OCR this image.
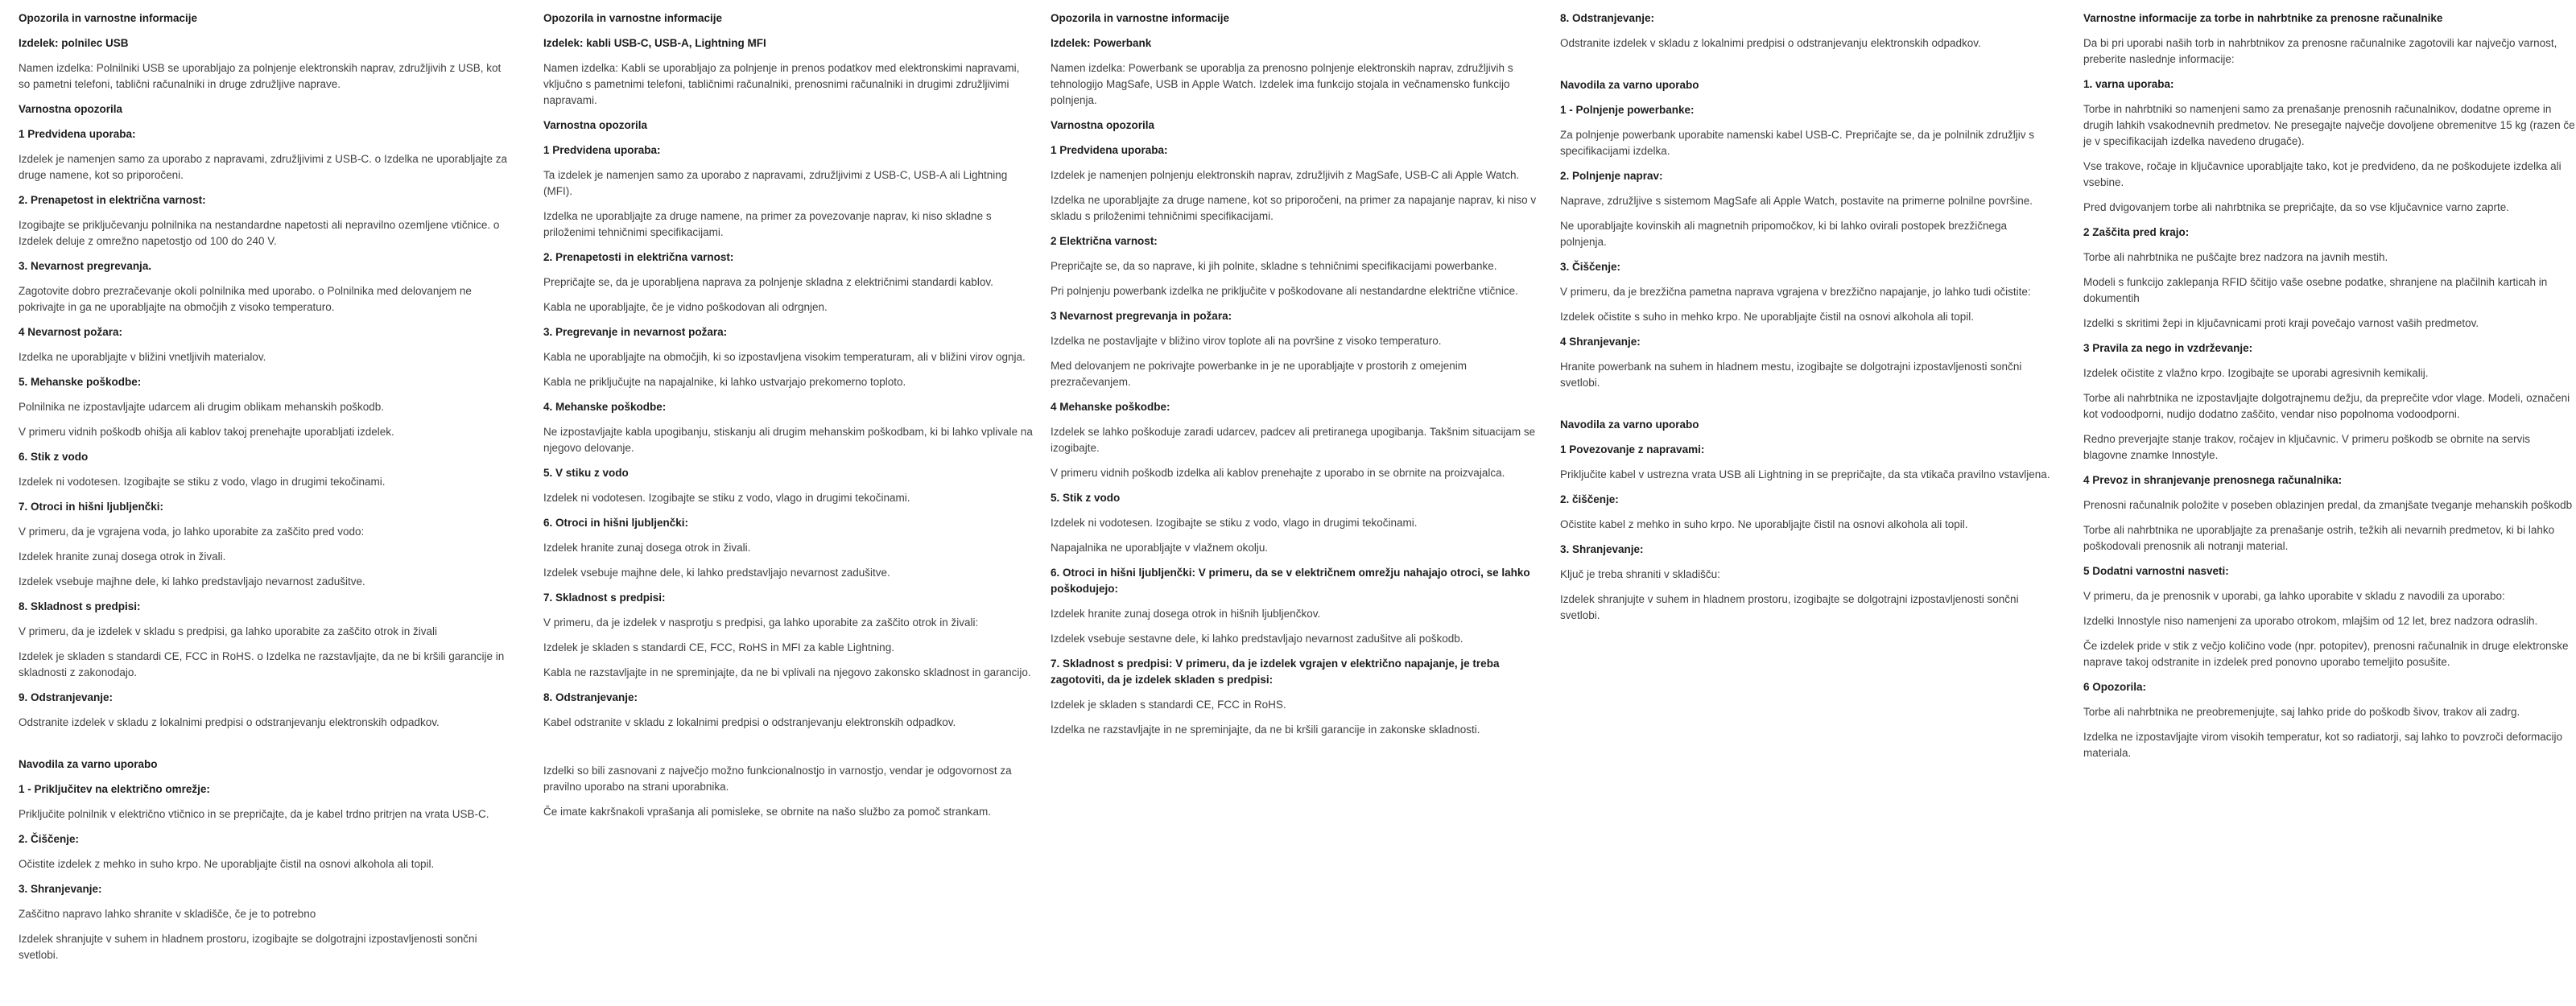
Opozorila in varnostne informacije

Izdelek: polnilec USB

Namen izdelka: Polnilniki USB se uporabljajo za polnjenje elektronskih naprav, združljivih z USB, kot so pametni telefoni, tablični računalniki in druge združljive naprave.

Varnostna opozorila

1 Predvidena uporaba:

Izdelek je namenjen samo za uporabo z napravami, združljivimi z USB-C. o Izdelka ne uporabljajte za druge namene, kot so priporočeni.

2. Prenapetost in električna varnost:

Izogibajte se priključevanju polnilnika na nestandardne napetosti ali nepravilno ozemljene vtičnice. o Izdelek deluje z omrežno napetostjo od 100 do 240 V.

3. Nevarnost pregrevanja.

Zagotovite dobro prezračevanje okoli polnilnika med uporabo. o Polnilnika med delovanjem ne pokrivajte in ga ne uporabljajte na območjih z visoko temperaturo.

4 Nevarnost požara:

Izdelka ne uporabljajte v bližini vnetljivih materialov.

5. Mehanske poškodbe:

Polnilnika ne izpostavljajte udarcem ali drugim oblikam mehanskih poškodb.

V primeru vidnih poškodb ohišja ali kablov takoj prenehajte uporabljati izdelek.

6. Stik z vodo

Izdelek ni vodotesen. Izogibajte se stiku z vodo, vlago in drugimi tekočinami.

7. Otroci in hišni ljubljenčki:

V primeru, da je vgrajena voda, jo lahko uporabite za zaščito pred vodo:

Izdelek hranite zunaj dosega otrok in živali.

Izdelek vsebuje majhne dele, ki lahko predstavljajo nevarnost zadušitve.

8. Skladnost s predpisi:

V primeru, da je izdelek v skladu s predpisi, ga lahko uporabite za zaščito otrok in živali

Izdelek je skladen s standardi CE, FCC in RoHS. o Izdelka ne razstavljajte, da ne bi kršili garancije in skladnosti z zakonodajo.

9. Odstranjevanje:

Odstranite izdelek v skladu z lokalnimi predpisi o odstranjevanju elektronskih odpadkov.

Navodila za varno uporabo

1 - Priključitev na električno omrežje:

Priključite polnilnik v električno vtičnico in se prepričajte, da je kabel trdno pritrjen na vrata USB-C.

2. Čiščenje:

Očistite izdelek z mehko in suho krpo. Ne uporabljajte čistil na osnovi alkohola ali topil.

3. Shranjevanje:

Zaščitno napravo lahko shranite v skladišče, če je to potrebno

Izdelek shranjujte v suhem in hladnem prostoru, izogibajte se dolgotrajni izpostavljenosti sončni svetlobi.

Opozorila in varnostne informacije

Izdelek: kabli USB-C, USB-A, Lightning MFI

Namen izdelka: Kabli se uporabljajo za polnjenje in prenos podatkov med elektronskimi napravami, vključno s pametnimi telefoni, tabličnimi računalniki, prenosnimi računalniki in drugimi združljivimi napravami.

Varnostna opozorila

1 Predvidena uporaba:

Ta izdelek je namenjen samo za uporabo z napravami, združljivimi z USB-C, USB-A ali Lightning (MFI).

Izdelka ne uporabljajte za druge namene, na primer za povezovanje naprav, ki niso skladne s priloženimi tehničnimi specifikacijami.

2. Prenapetosti in električna varnost:

Prepričajte se, da je uporabljena naprava za polnjenje skladna z električnimi standardi kablov.

Kabla ne uporabljajte, če je vidno poškodovan ali odrgnjen.

3. Pregrevanje in nevarnost požara:

Kabla ne uporabljajte na območjih, ki so izpostavljena visokim temperaturam, ali v bližini virov ognja.

Kabla ne priključujte na napajalnike, ki lahko ustvarjajo prekomerno toploto.

4. Mehanske poškodbe:

Ne izpostavljajte kabla upogibanju, stiskanju ali drugim mehanskim poškodbam, ki bi lahko vplivale na njegovo delovanje.

5. V stiku z vodo

Izdelek ni vodotesen. Izogibajte se stiku z vodo, vlago in drugimi tekočinami.

6. Otroci in hišni ljubljenčki:

Izdelek hranite zunaj dosega otrok in živali.

Izdelek vsebuje majhne dele, ki lahko predstavljajo nevarnost zadušitve.

7. Skladnost s predpisi:

V primeru, da je izdelek v nasprotju s predpisi, ga lahko uporabite za zaščito otrok in živali:

Izdelek je skladen s standardi CE, FCC, RoHS in MFI za kable Lightning.

Kabla ne razstavljajte in ne spreminjajte, da ne bi vplivali na njegovo zakonsko skladnost in garancijo.

8. Odstranjevanje:

Kabel odstranite v skladu z lokalnimi predpisi o odstranjevanju elektronskih odpadkov.

Izdelki so bili zasnovani z največjo možno funkcionalnostjo in varnostjo, vendar je odgovornost za pravilno uporabo na strani uporabnika.

Če imate kakršnakoli vprašanja ali pomisleke, se obrnite na našo službo za pomoč strankam.

Opozorila in varnostne informacije

Izdelek: Powerbank

Namen izdelka: Powerbank se uporablja za prenosno polnjenje elektronskih naprav, združljivih s tehnologijo MagSafe, USB in Apple Watch. Izdelek ima funkcijo stojala in večnamensko funkcijo polnjenja.

Varnostna opozorila

1 Predvidena uporaba:

Izdelek je namenjen polnjenju elektronskih naprav, združljivih z MagSafe, USB-C ali Apple Watch.

Izdelka ne uporabljajte za druge namene, kot so priporočeni, na primer za napajanje naprav, ki niso v skladu s priloženimi tehničnimi specifikacijami.

2 Električna varnost:

Prepričajte se, da so naprave, ki jih polnite, skladne s tehničnimi specifikacijami powerbanke.

Pri polnjenju powerbank izdelka ne priključite v poškodovane ali nestandardne električne vtičnice.

3 Nevarnost pregrevanja in požara:

Izdelka ne postavljajte v bližino virov toplote ali na površine z visoko temperaturo.

Med delovanjem ne pokrivajte powerbanke in je ne uporabljajte v prostorih z omejenim prezračevanjem.

4 Mehanske poškodbe:

Izdelek se lahko poškoduje zaradi udarcev, padcev ali pretiranega upogibanja. Takšnim situacijam se izogibajte.

V primeru vidnih poškodb izdelka ali kablov prenehajte z uporabo in se obrnite na proizvajalca.

5. Stik z vodo

Izdelek ni vodotesen. Izogibajte se stiku z vodo, vlago in drugimi tekočinami.

Napajalnika ne uporabljajte v vlažnem okolju.

6. Otroci in hišni ljubljenčki: V primeru, da se v električnem omrežju nahajajo otroci, se lahko poškodujejo:

Izdelek hranite zunaj dosega otrok in hišnih ljubljenčkov.

Izdelek vsebuje sestavne dele, ki lahko predstavljajo nevarnost zadušitve ali poškodb.

7. Skladnost s predpisi: V primeru, da je izdelek vgrajen v električno napajanje, je treba zagotoviti, da je izdelek skladen s predpisi:

Izdelek je skladen s standardi CE, FCC in RoHS.

Izdelka ne razstavljajte in ne spreminjajte, da ne bi kršili garancije in zakonske skladnosti.

8. Odstranjevanje:

Odstranite izdelek v skladu z lokalnimi predpisi o odstranjevanju elektronskih odpadkov.

Navodila za varno uporabo

1 - Polnjenje powerbanke:

Za polnjenje powerbank uporabite namenski kabel USB-C. Prepričajte se, da je polnilnik združljiv s specifikacijami izdelka.

2. Polnjenje naprav:

Naprave, združljive s sistemom MagSafe ali Apple Watch, postavite na primerne polnilne površine.

Ne uporabljajte kovinskih ali magnetnih pripomočkov, ki bi lahko ovirali postopek brezžičnega polnjenja.

3. Čiščenje:

V primeru, da je brezžična pametna naprava vgrajena v brezžično napajanje, jo lahko tudi očistite:

Izdelek očistite s suho in mehko krpo. Ne uporabljajte čistil na osnovi alkohola ali topil.

4 Shranjevanje:

Hranite powerbank na suhem in hladnem mestu, izogibajte se dolgotrajni izpostavljenosti sončni svetlobi.

Navodila za varno uporabo

1 Povezovanje z napravami:

Priključite kabel v ustrezna vrata USB ali Lightning in se prepričajte, da sta vtikača pravilno vstavljena.

2. čiščenje:

Očistite kabel z mehko in suho krpo. Ne uporabljajte čistil na osnovi alkohola ali topil.

3. Shranjevanje:

Ključ je treba shraniti v skladišču:

Izdelek shranjujte v suhem in hladnem prostoru, izogibajte se dolgotrajni izpostavljenosti sončni svetlobi.

Varnostne informacije za torbe in nahrbtnike za prenosne računalnike

Da bi pri uporabi naših torb in nahrbtnikov za prenosne računalnike zagotovili kar največjo varnost, preberite naslednje informacije:

1. varna uporaba:

Torbe in nahrbtniki so namenjeni samo za prenašanje prenosnih računalnikov, dodatne opreme in drugih lahkih vsakodnevnih predmetov. Ne presegajte največje dovoljene obremenitve 15 kg (razen če je v specifikacijah izdelka navedeno drugače).

Vse trakove, ročaje in ključavnice uporabljajte tako, kot je predvideno, da ne poškodujete izdelka ali vsebine.

Pred dvigovanjem torbe ali nahrbtnika se prepričajte, da so vse ključavnice varno zaprte.

2 Zaščita pred krajo:

Torbe ali nahrbtnika ne puščajte brez nadzora na javnih mestih.

Modeli s funkcijo zaklepanja RFID ščitijo vaše osebne podatke, shranjene na plačilnih karticah in dokumentih

Izdelki s skritimi žepi in ključavnicami proti kraji povečajo varnost vaših predmetov.

3 Pravila za nego in vzdrževanje:

Izdelek očistite z vlažno krpo. Izogibajte se uporabi agresivnih kemikalij.

Torbe ali nahrbtnika ne izpostavljajte dolgotrajnemu dežju, da preprečite vdor vlage. Modeli, označeni kot vodoodporni, nudijo dodatno zaščito, vendar niso popolnoma vodoodporni.

Redno preverjajte stanje trakov, ročajev in ključavnic. V primeru poškodb se obrnite na servis blagovne znamke Innostyle.

4 Prevoz in shranjevanje prenosnega računalnika:

Prenosni računalnik položite v poseben oblazinjen predal, da zmanjšate tveganje mehanskih poškodb

Torbe ali nahrbtnika ne uporabljajte za prenašanje ostrih, težkih ali nevarnih predmetov, ki bi lahko poškodovali prenosnik ali notranji material.

5 Dodatni varnostni nasveti:

V primeru, da je prenosnik v uporabi, ga lahko uporabite v skladu z navodili za uporabo:

Izdelki Innostyle niso namenjeni za uporabo otrokom, mlajšim od 12 let, brez nadzora odraslih.

Če izdelek pride v stik z večjo količino vode (npr. potopitev), prenosni računalnik in druge elektronske naprave takoj odstranite in izdelek pred ponovno uporabo temeljito posušite.

6 Opozorila:

Torbe ali nahrbtnika ne preobremenjujte, saj lahko pride do poškodb šivov, trakov ali zadrg.

Izdelka ne izpostavljajte virom visokih temperatur, kot so radiatorji, saj lahko to povzroči deformacijo materiala.
